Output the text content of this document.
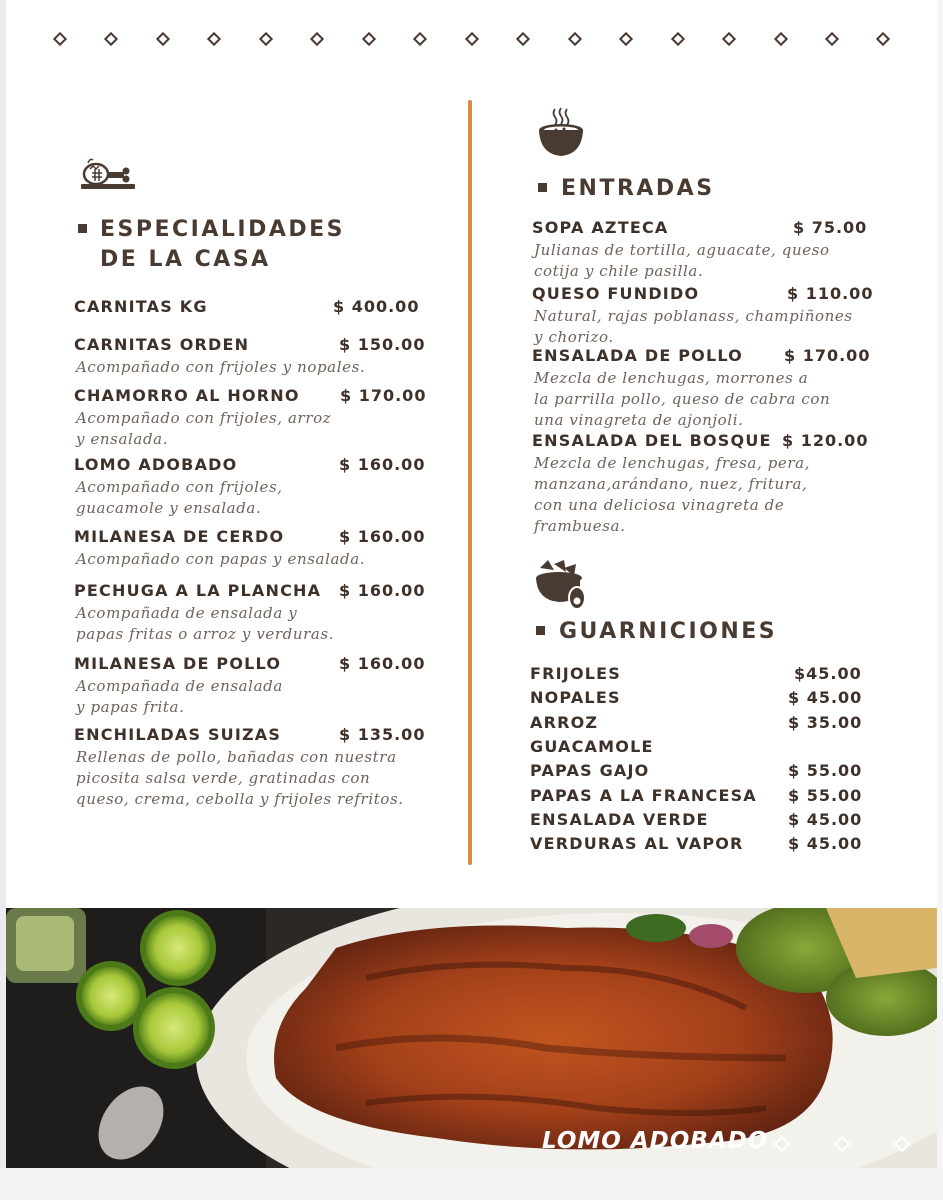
ESPECIALIDADES
DE LA CASA
CARNITAS KG	$ 400.00
CARNITAS ORDEN	$ 150.00
Acompañado con frijoles y nopales.
CHAMORRO AL HORNO	$ 170.00
Acompañado con frijoles, arroz
y ensalada.
LOMO ADOBADO	$ 160.00
Acompañado con frijoles,
guacamole y ensalada.
MILANESA DE CERDO	$ 160.00
Acompañado con papas y ensalada.
PECHUGA A LA PLANCHA $ 160.00
Acompañada de ensalada y
papas fritas o arroz y verduras.
MILANESA DE POLLO	$ 160.00
Acompañada de ensalada
y papas frita.
ENCHILADAS SUIZAS	$ 135.00
Rellenas de pollo, bañadas con nuestra
picosita salsa verde, gratinadas con
queso, crema, cebolla y frijoles refritos.
ENTRADAS
SOPA AZTECA	$ 75.00
Julianas de tortilla, aguacate, queso
cotija y chile pasilla.
QUESO FUNDIDO	$ 110.00
Natural, rajas poblanass, champiñones
y chorizo.
ENSALADA DE POLLO	$ 170.00
Mezcla de lenchugas, morrones a
la parrilla pollo, queso de cabra con
una vinagreta de ajonjoli.
ENSALADA DEL BOSQUE $ 120.00
Mezcla de lenchugas, fresa, pera,
manzana,arándano, nuez, fritura,
con una deliciosa vinagreta de
frambuesa.
GUARNICIONES
FRIJOLES	$45.00
NOPALES	$ 45.00
ARROZ	$ 35.00
GUACAMOLE
PAPAS GAJO	$ 55.00
PAPAS A LA FRANCESA $ 55.00
ENSALADA VERDE	$ 45.00
VERDURAS AL VAPOR	$ 45.00
LOMO ADOBADO
